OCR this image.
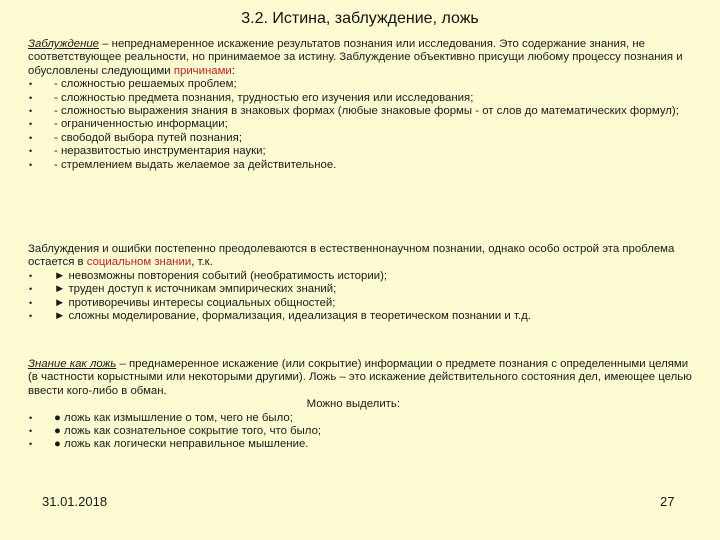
3.2. Истина, заблуждение, ложь

Заблуждение – непреднамеренное искажение результатов познания или исследования. Это содержание знания, не соответствующее реальности, но принимаемое за истину. Заблуждение объективно присущи любому процессу познания и обусловлены следующими причинами:

• - сложностью решаемых проблем;
• - сложностью предмета познания, трудностью его изучения или исследования;
• - сложностью выражения знания в знаковых формах (любые знаковые формы - от слов до математических формул);
• - ограниченностью информации;
• - свободой выбора путей познания;
• - неразвитостью инструментария науки;
• - стремлением выдать желаемое за действительное.

Заблуждения и ошибки постепенно преодолеваются в естественнонаучном познании, однако особо острой эта проблема остается в социальном знании, т.к.

• ► невозможны повторения событий (необратимость истории);
• ► труден доступ к источникам эмпирических знаний;
• ► противоречивы интересы социальных общностей;
• ► сложны моделирование, формализация, идеализация в теоретическом познании и т.д.

Знание как ложь – преднамеренное искажение (или сокрытие) информации о предмете познания с определенными целями (в частности корыстными или некоторыми другими). Ложь – это искажение действительного состояния дел, имеющее целью ввести кого-либо в обман.

Можно выделить:

• ● ложь как измышление о том, чего не было;
• ● ложь как сознательное сокрытие того, что было;
• ● ложь как логически неправильное мышление.
31.01.2018	27
